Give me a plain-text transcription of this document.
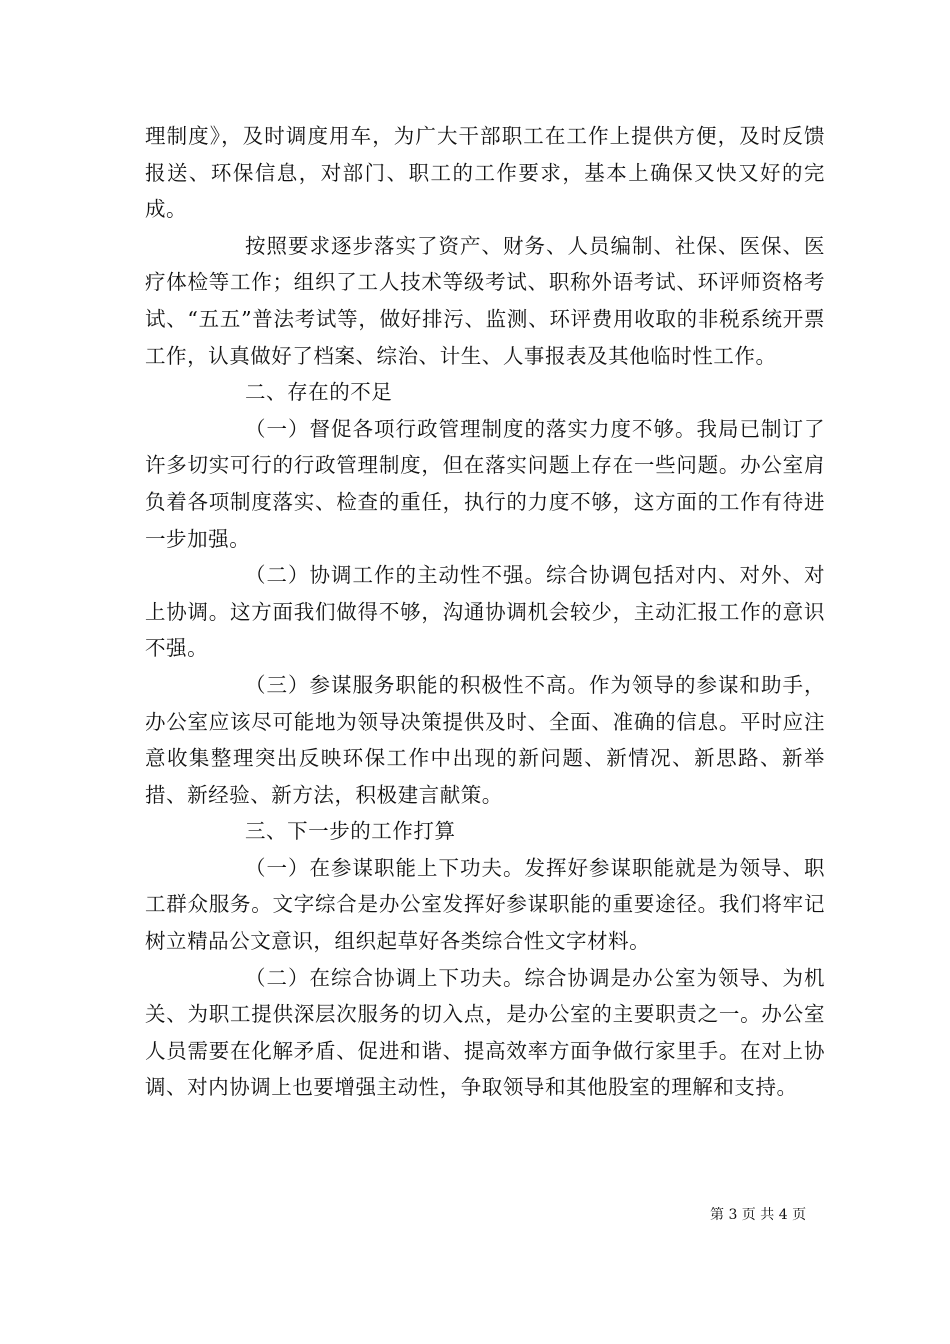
理制度》，及时调度用车，为广大干部职工在工作上提供方便，及时反馈报送、环保信息，对部门、职工的工作要求，基本上确保又快又好的完成。

按照要求逐步落实了资产、财务、人员编制、社保、医保、医疗体检等工作；组织了工人技术等级考试、职称外语考试、环评师资格考试、“五五”普法考试等，做好排污、监测、环评费用收取的非税系统开票工作，认真做好了档案、综治、计生、人事报表及其他临时性工作。

二、存在的不足

（一）督促各项行政管理制度的落实力度不够。我局已制订了许多切实可行的行政管理制度，但在落实问题上存在一些问题。办公室肩负着各项制度落实、检查的重任，执行的力度不够，这方面的工作有待进一步加强。

（二）协调工作的主动性不强。综合协调包括对内、对外、对上协调。这方面我们做得不够，沟通协调机会较少，主动汇报工作的意识不强。

（三）参谋服务职能的积极性不高。作为领导的参谋和助手，办公室应该尽可能地为领导决策提供及时、全面、准确的信息。平时应注意收集整理突出反映环保工作中出现的新问题、新情况、新思路、新举措、新经验、新方法，积极建言献策。

三、下一步的工作打算

（一）在参谋职能上下功夫。发挥好参谋职能就是为领导、职工群众服务。文字综合是办公室发挥好参谋职能的重要途径。我们将牢记树立精品公文意识，组织起草好各类综合性文字材料。

（二）在综合协调上下功夫。综合协调是办公室为领导、为机关、为职工提供深层次服务的切入点，是办公室的主要职责之一。办公室人员需要在化解矛盾、促进和谐、提高效率方面争做行家里手。在对上协调、对内协调上也要增强主动性，争取领导和其他股室的理解和支持。

第 3 页 共 4 页
